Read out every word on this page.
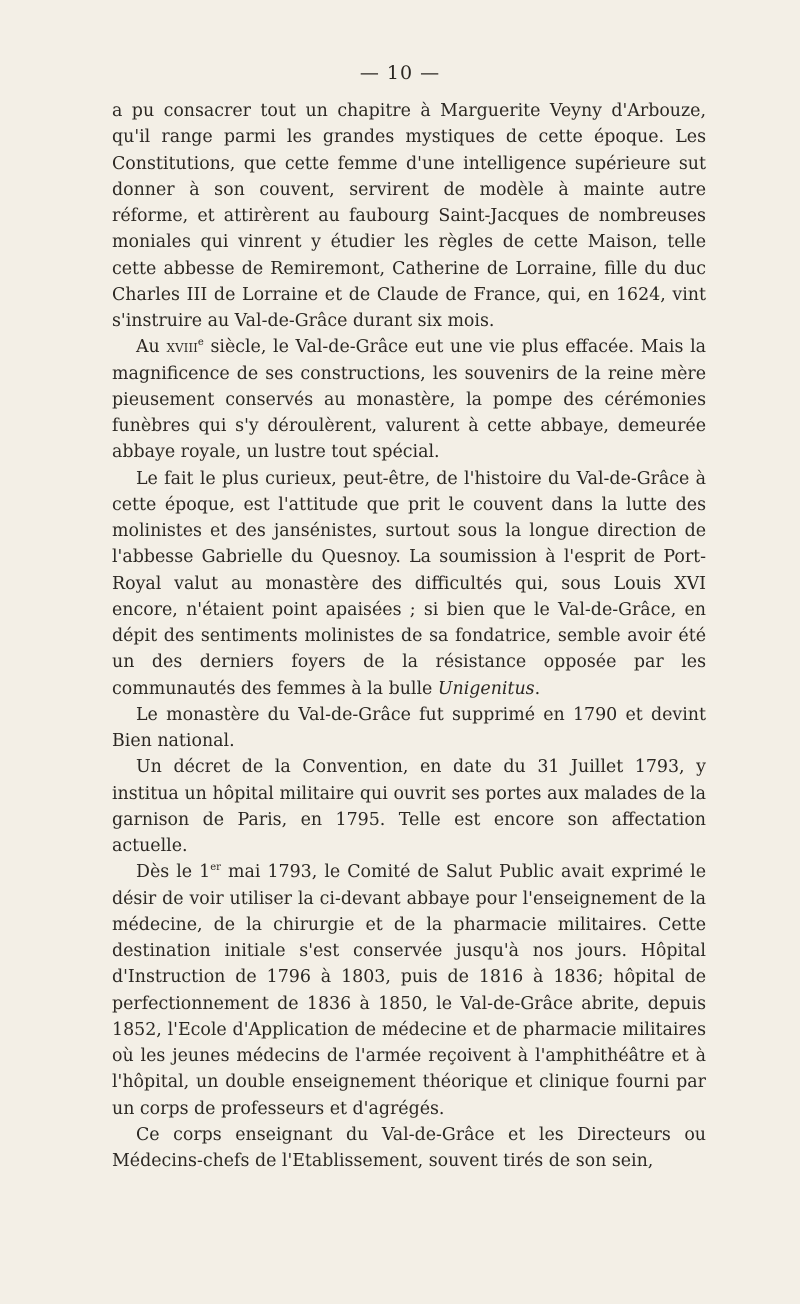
— 10 —

a pu consacrer tout un chapitre à Marguerite Veyny d'Arbouze, qu'il range parmi les grandes mystiques de cette époque. Les Constitutions, que cette femme d'une intelligence supérieure sut donner à son couvent, servirent de modèle à mainte autre réforme, et attirèrent au faubourg Saint-Jacques de nombreuses moniales qui vinrent y étudier les règles de cette Maison, telle cette abbesse de Remiremont, Catherine de Lorraine, fille du duc Charles III de Lorraine et de Claude de France, qui, en 1624, vint s'instruire au Val-de-Grâce durant six mois.

Au xviii$^e$ siècle, le Val-de-Grâce eut une vie plus effacée. Mais la magnificence de ses constructions, les souvenirs de la reine mère pieusement conservés au monastère, la pompe des cérémonies funèbres qui s'y déroulèrent, valurent à cette abbaye, demeurée abbaye royale, un lustre tout spécial.

Le fait le plus curieux, peut-être, de l'histoire du Val-de-Grâce à cette époque, est l'attitude que prit le couvent dans la lutte des molinistes et des jansénistes, surtout sous la longue direction de l'abbesse Gabrielle du Quesnoy. La soumission à l'esprit de Port-Royal valut au monastère des difficultés qui, sous Louis XVI encore, n'étaient point apaisées ; si bien que le Val-de-Grâce, en dépit des sentiments molinistes de sa fondatrice, semble avoir été un des derniers foyers de la résistance opposée par les communautés des femmes à la bulle Unigenitus.

Le monastère du Val-de-Grâce fut supprimé en 1790 et devint Bien national.

Un décret de la Convention, en date du 31 Juillet 1793, y institua un hôpital militaire qui ouvrit ses portes aux malades de la garnison de Paris, en 1795. Telle est encore son affectation actuelle.

Dès le 1er mai 1793, le Comité de Salut Public avait exprimé le désir de voir utiliser la ci-devant abbaye pour l'enseignement de la médecine, de la chirurgie et de la pharmacie militaires. Cette destination initiale s'est conservée jusqu'à nos jours. Hôpital d'Instruction de 1796 à 1803, puis de 1816 à 1836; hôpital de perfectionnement de 1836 à 1850, le Val-de-Grâce abrite, depuis 1852, l'Ecole d'Application de médecine et de pharmacie militaires où les jeunes médecins de l'armée reçoivent à l'amphithéâtre et à l'hôpital, un double enseignement théorique et clinique fourni par un corps de professeurs et d'agrégés.

Ce corps enseignant du Val-de-Grâce et les Directeurs ou Médecins-chefs de l'Etablissement, souvent tirés de son sein,
